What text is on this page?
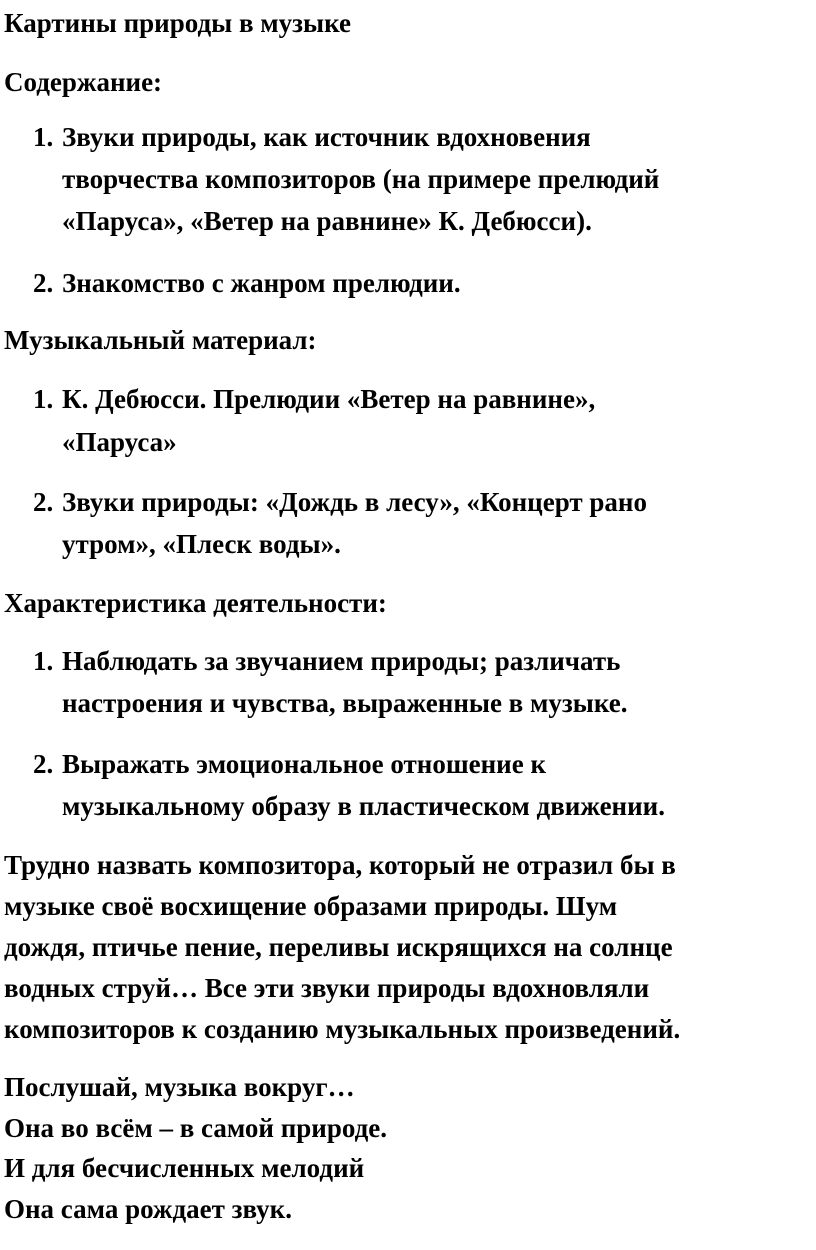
Картины природы в музыке
Содержание:
1. Звуки природы, как источник вдохновения
творчества композиторов (на примере прелюдий
«Паруса», «Ветер на равнине» К. Дебюсси).
2. Знакомство с жанром прелюдии.
Музыкальный материал:
1. К. Дебюсси. Прелюдии «Ветер на равнине»,
«Паруса»
2. Звуки природы: «Дождь в лесу», «Концерт рано
утром», «Плеск воды».
Характеристика деятельности:
1. Наблюдать за звучанием природы; различать
настроения и чувства, выраженные в музыке.
2. Выражать эмоциональное отношение к
музыкальному образу в пластическом движении.
Трудно назвать композитора, который не отразил бы в
музыке своё восхищение образами природы. Шум
дождя, птичье пение, переливы искрящихся на солнце
водных струй… Все эти звуки природы вдохновляли
композиторов к созданию музыкальных произведений.
Послушай, музыка вокруг…
Она во всём – в самой природе.
И для бесчисленных мелодий
Она сама рождает звук.
